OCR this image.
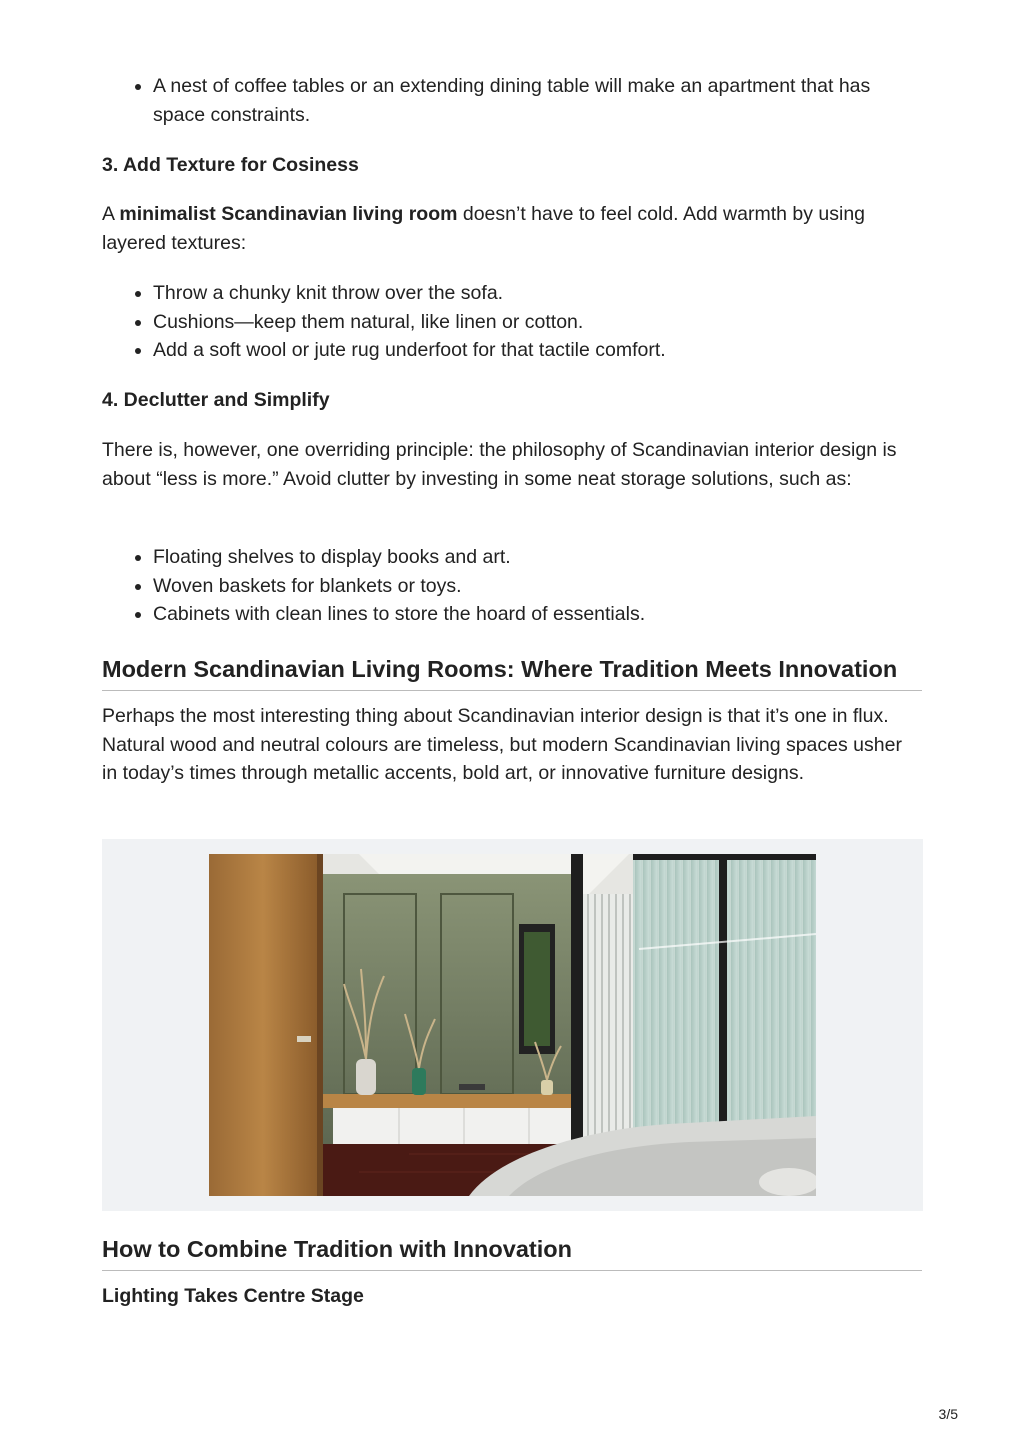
A nest of coffee tables or an extending dining table will make an apartment that has space constraints.
3. Add Texture for Cosiness

A minimalist Scandinavian living room doesn’t have to feel cold. Add warmth by using layered textures:

Throw a chunky knit throw over the sofa.
Cushions—keep them natural, like linen or cotton.
Add a soft wool or jute rug underfoot for that tactile comfort.
4. Declutter and Simplify

There is, however, one overriding principle: the philosophy of Scandinavian interior design is about “less is more.” Avoid clutter by investing in some neat storage solutions, such as:

Floating shelves to display books and art.
Woven baskets for blankets or toys.
Cabinets with clean lines to store the hoard of essentials.
Modern Scandinavian Living Rooms: Where Tradition Meets Innovation

Perhaps the most interesting thing about Scandinavian interior design is that it’s one in flux. Natural wood and neutral colours are timeless, but modern Scandinavian living spaces usher in today’s times through metallic accents, bold art, or innovative furniture designs.

How to Combine Tradition with Innovation
Lighting Takes Centre Stage
3/5
